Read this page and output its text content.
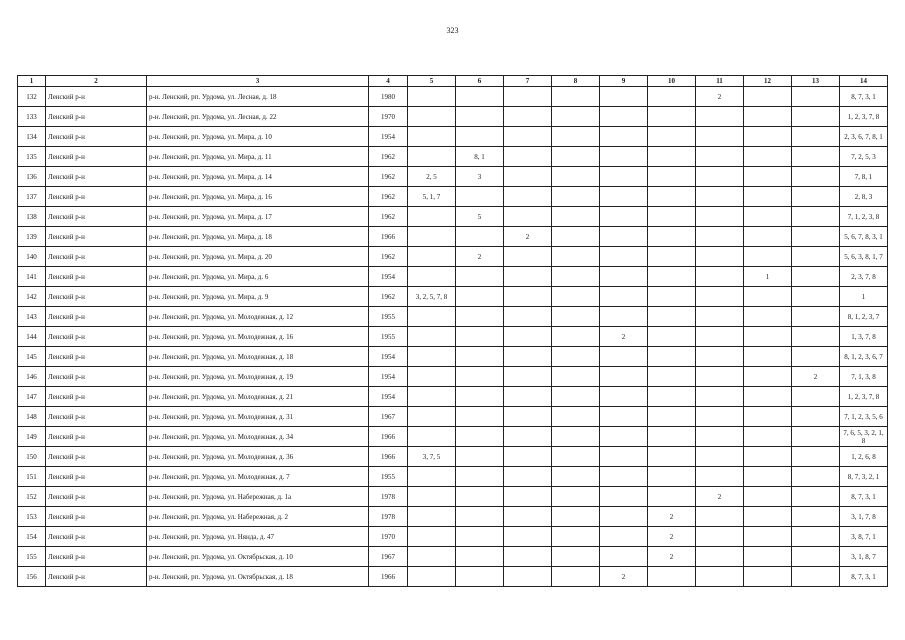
323
1	2	3	4	5	6	7	8	9	10	11	12	13	14
132	Ленский р-н	р-н. Ленский, рп. Урдома, ул. Лесная, д. 18	1980							2			8, 7, 3, 1
133	Ленский р-н	р-н. Ленский, рп. Урдома, ул. Лесная, д. 22	1970										1, 2, 3, 7, 8
134	Ленский р-н	р-н. Ленский, рп. Урдома, ул. Мира, д. 10	1954										2, 3, 6, 7, 8, 1
135	Ленский р-н	р-н. Ленский, рп. Урдома, ул. Мира, д. 11	1962		8, 1								7, 2, 5, 3
136	Ленский р-н	р-н. Ленский, рп. Урдома, ул. Мира, д. 14	1962	2, 5	3								7, 8, 1
137	Ленский р-н	р-н. Ленский, рп. Урдома, ул. Мира, д. 16	1962	5, 1, 7									2, 8, 3
138	Ленский р-н	р-н. Ленский, рп. Урдома, ул. Мира, д. 17	1962		5								7, 1, 2, 3, 8
139	Ленский р-н	р-н. Ленский, рп. Урдома, ул. Мира, д. 18	1966			2							5, 6, 7, 8, 3, 1
140	Ленский р-н	р-н. Ленский, рп. Урдома, ул. Мира, д. 20	1962		2								5, 6, 3, 8, 1, 7
141	Ленский р-н	р-н. Ленский, рп. Урдома, ул. Мира, д. 6	1954								1		2, 3, 7, 8
142	Ленский р-н	р-н. Ленский, рп. Урдома, ул. Мира, д. 9	1962	3, 2, 5, 7, 8									1
143	Ленский р-н	р-н. Ленский, рп. Урдома, ул. Молодежная, д. 12	1955										8, 1, 2, 3, 7
144	Ленский р-н	р-н. Ленский, рп. Урдома, ул. Молодежная, д. 16	1955					2					1, 3, 7, 8
145	Ленский р-н	р-н. Ленский, рп. Урдома, ул. Молодежная, д. 18	1954										8, 1, 2, 3, 6, 7
146	Ленский р-н	р-н. Ленский, рп. Урдома, ул. Молодежная, д. 19	1954									2	7, 1, 3, 8
147	Ленский р-н	р-н. Ленский, рп. Урдома, ул. Молодежная, д. 21	1954										1, 2, 3, 7, 8
148	Ленский р-н	р-н. Ленский, рп. Урдома, ул. Молодежная, д. 31	1967										7, 1, 2, 3, 5, 6
149	Ленский р-н	р-н. Ленский, рп. Урдома, ул. Молодежная, д. 34	1966										7, 6, 5, 3, 2, 1, 8
150	Ленский р-н	р-н. Ленский, рп. Урдома, ул. Молодежная, д. 36	1966	3, 7, 5									1, 2, 6, 8
151	Ленский р-н	р-н. Ленский, рп. Урдома, ул. Молодежная, д. 7	1955										8, 7, 3, 2, 1
152	Ленский р-н	р-н. Ленский, рп. Урдома, ул. Набережная, д. 1а	1978							2			8, 7, 3, 1
153	Ленский р-н	р-н. Ленский, рп. Урдома, ул. Набережная, д. 2	1978						2				3, 1, 7, 8
154	Ленский р-н	р-н. Ленский, рп. Урдома, ул. Нянда, д. 47	1970						2				3, 8, 7, 1
155	Ленский р-н	р-н. Ленский, рп. Урдома, ул. Октябрьская, д. 10	1967						2				3, 1, 8, 7
156	Ленский р-н	р-н. Ленский, рп. Урдома, ул. Октябрьская, д. 18	1966					2					8, 7, 3, 1
